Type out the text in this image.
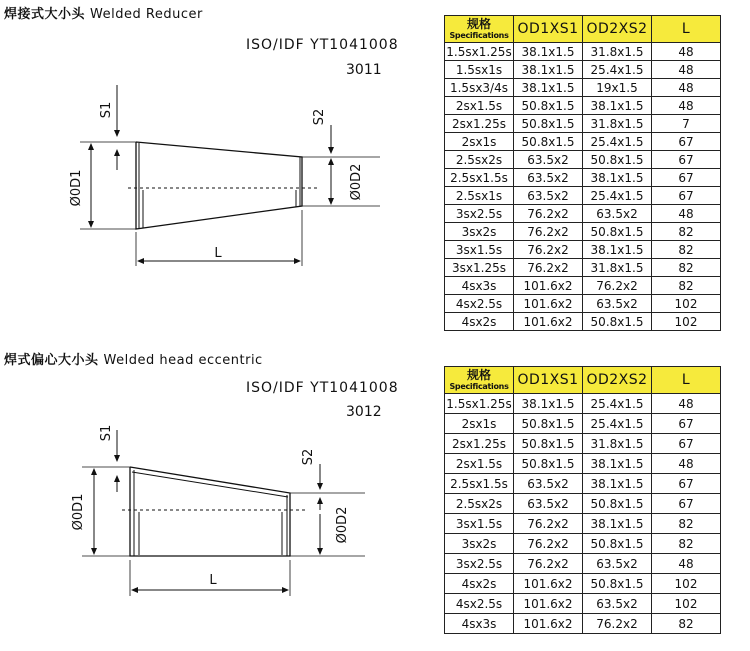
焊接式大小头 Welded Reducer
ISO/IDF YT1041008
3011
S1
Ø0D1
S2
Ø0D2
L
规格
Specifications	OD1XS1	OD2XS2	L
1.5sx1.25s	38.1x1.5	31.8x1.5	48
1.5sx1s	38.1x1.5	25.4x1.5	48
1.5sx3/4s	38.1x1.5	19x1.5	48
2sx1.5s	50.8x1.5	38.1x1.5	48
2sx1.25s	50.8x1.5	31.8x1.5	7
2sx1s	50.8x1.5	25.4x1.5	67
2.5sx2s	63.5x2	50.8x1.5	67
2.5sx1.5s	63.5x2	38.1x1.5	67
2.5sx1s	63.5x2	25.4x1.5	67
3sx2.5s	76.2x2	63.5x2	48
3sx2s	76.2x2	50.8x1.5	82
3sx1.5s	76.2x2	38.1x1.5	82
3sx1.25s	76.2x2	31.8x1.5	82
4sx3s	101.6x2	76.2x2	82
4sx2.5s	101.6x2	63.5x2	102
4sx2s	101.6x2	50.8x1.5	102
焊式偏心大小头 Welded head eccentric
ISO/IDF YT1041008
3012
S1
Ø0D1
S2
Ø0D2
L
规格
Specifications	OD1XS1	OD2XS2	L
1.5sx1.25s	38.1x1.5	25.4x1.5	48
2sx1s	50.8x1.5	25.4x1.5	67
2sx1.25s	50.8x1.5	31.8x1.5	67
2sx1.5s	50.8x1.5	38.1x1.5	48
2.5sx1.5s	63.5x2	38.1x1.5	67
2.5sx2s	63.5x2	50.8x1.5	67
3sx1.5s	76.2x2	38.1x1.5	82
3sx2s	76.2x2	50.8x1.5	82
3sx2.5s	76.2x2	63.5x2	48
4sx2s	101.6x2	50.8x1.5	102
4sx2.5s	101.6x2	63.5x2	102
4sx3s	101.6x2	76.2x2	82
